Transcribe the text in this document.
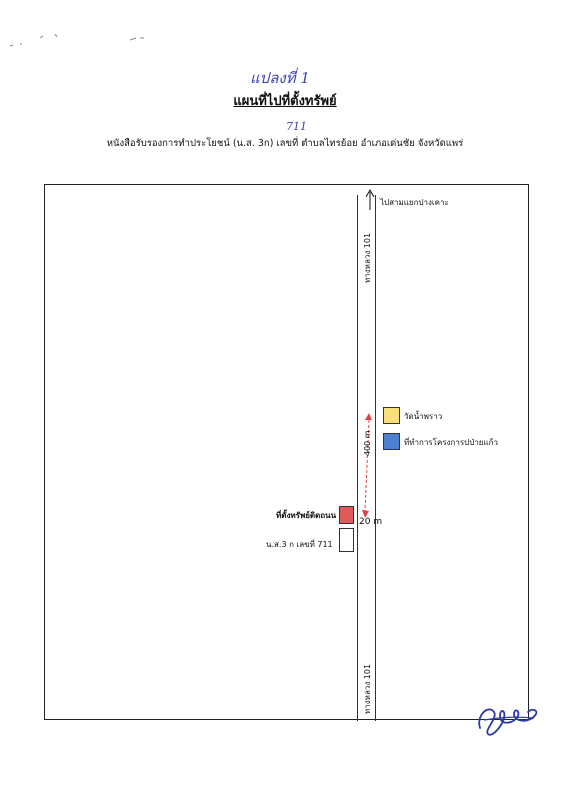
แปลงที่ 1
แผนที่ไปที่ตั้งทรัพย์
711
หนังสือรับรองการทำประโยชน์ (น.ส. 3ก) เลขที่ ตำบลไทรย้อย อำเภอเด่นชัย จังหวัดแพร่
ไปสามแยกปางเคาะ
ทางหลวง 101
ทางหลวง 101
วัดน้ำพราว
ที่ทำการโครงการปป่ายแก้ว
400 m
ที่ตั้งทรัพย์ติดถนน
น.ส.3 ก เลขที่ 711
20 m
